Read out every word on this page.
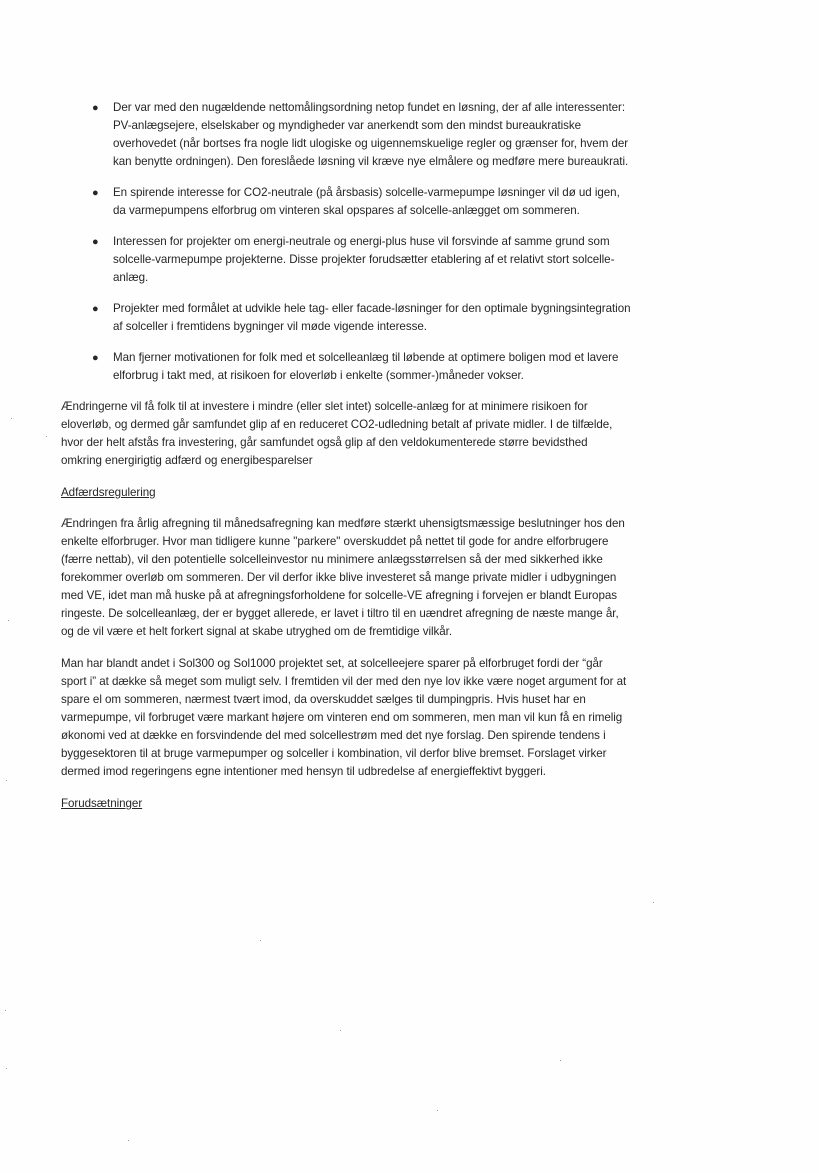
● Der var med den nugældende nettomålingsordning netop fundet en løsning, der af alle interessenter: PV-anlægsejere, elselskaber og myndigheder var anerkendt som den mindst bureaukratiske overhovedet (når bortses fra nogle lidt ulogiske og uigennemskuelige regler og grænser for, hvem der kan benytte ordningen). Den foreslåede løsning vil kræve nye elmålere og medføre mere bureaukrati.
● En spirende interesse for CO2-neutrale (på årsbasis) solcelle-varmepumpe løsninger vil dø ud igen, da varmepumpens elforbrug om vinteren skal opspares af solcelle-anlægget om sommeren.
● Interessen for projekter om energi-neutrale og energi-plus huse vil forsvinde af samme grund som solcelle-varmepumpe projekterne. Disse projekter forudsætter etablering af et relativt stort solcelle-anlæg.
● Projekter med formålet at udvikle hele tag- eller facade-løsninger for den optimale bygningsintegration af solceller i fremtidens bygninger vil møde vigende interesse.
● Man fjerner motivationen for folk med et solcelleanlæg til løbende at optimere boligen mod et lavere elforbrug i takt med, at risikoen for eloverløb i enkelte (sommer-)måneder vokser.

Ændringerne vil få folk til at investere i mindre (eller slet intet) solcelle-anlæg for at minimere risikoen for eloverløb, og dermed går samfundet glip af en reduceret CO2-udledning betalt af private midler. I de tilfælde, hvor der helt afstås fra investering, går samfundet også glip af den veldokumenterede større bevidsthed omkring energirigtig adfærd og energibesparelser

Adfærdsregulering

Ændringen fra årlig afregning til månedsafregning kan medføre stærkt uhensigtsmæssige beslutninger hos den enkelte elforbruger. Hvor man tidligere kunne "parkere" overskuddet på nettet til gode for andre elforbrugere (færre nettab), vil den potentielle solcelleinvestor nu minimere anlægsstørrelsen så der med sikkerhed ikke forekommer overløb om sommeren. Der vil derfor ikke blive investeret så mange private midler i udbygningen med VE, idet man må huske på at afregningsforholdene for solcelle-VE afregning i forvejen er blandt Europas ringeste. De solcelleanlæg, der er bygget allerede, er lavet i tiltro til en uændret afregning de næste mange år, og de vil være et helt forkert signal at skabe utryghed om de fremtidige vilkår.

Man har blandt andet i Sol300 og Sol1000 projektet set, at solcelleejere sparer på elforbruget fordi der “går sport i” at dække så meget som muligt selv. I fremtiden vil der med den nye lov ikke være noget argument for at spare el om sommeren, nærmest tvært imod, da overskuddet sælges til dumpingpris. Hvis huset har en varmepumpe, vil forbruget være markant højere om vinteren end om sommeren, men man vil kun få en rimelig økonomi ved at dække en forsvindende del med solcellestrøm med det nye forslag. Den spirende tendens i byggesektoren til at bruge varmepumper og solceller i kombination, vil derfor blive bremset. Forslaget virker dermed imod regeringens egne intentioner med hensyn til udbredelse af energieffektivt byggeri.

Forudsætninger
